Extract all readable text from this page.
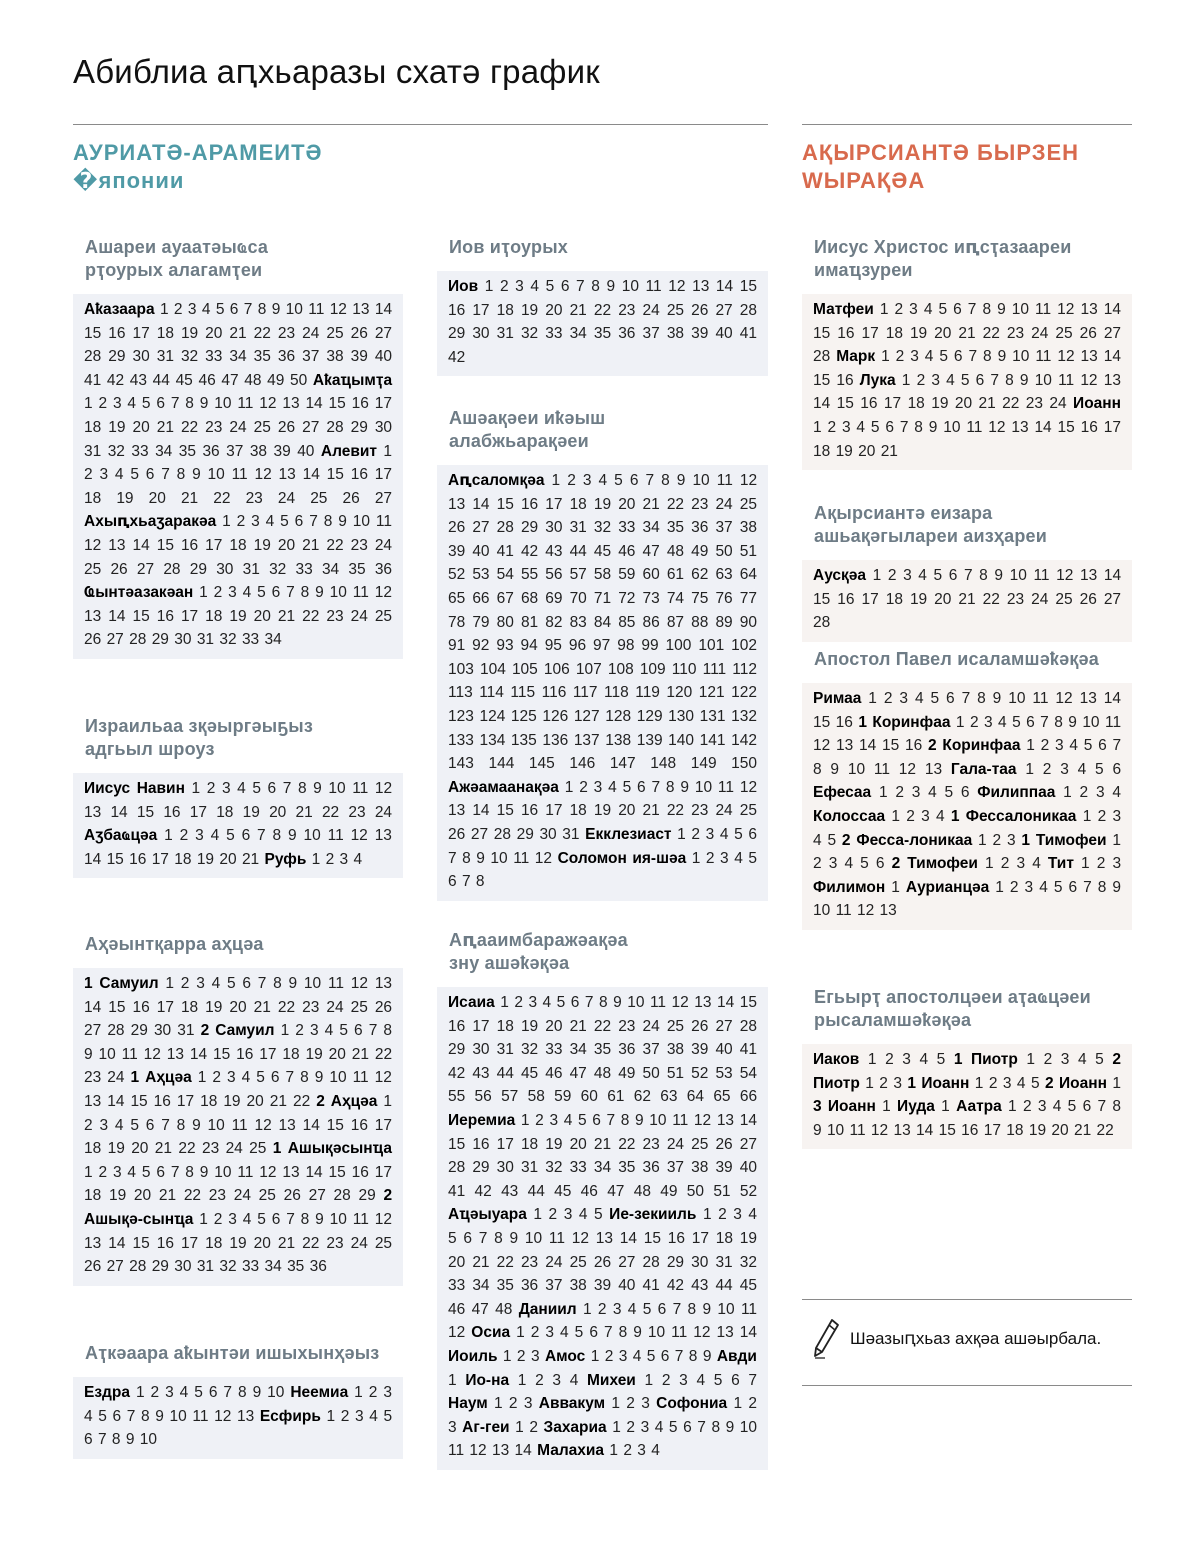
Абиблиа аԥхьаразы схатә график
АУРИАТӘ-АРАМЕИТӘ
�японии
АҚЫРСИАНТӘ БЫРЗЕН
ԜЫРАҚӘА
Ашареи ауаатәыҩса
рҭоурых алагамҭеи
Аҟазаара 1 2 3 4 5 6 7 8 9 10 11 12 13 14 15 16 17 18 19 20 21 22 23 24 25 26 27 28 29 30 31 32 33 34 35 36 37 38 39 40 41 42 43 44 45 46 47 48 49 50 Аҟаҵымҭа 1 2 3 4 5 6 7 8 9 10 11 12 13 14 15 16 17 18 19 20 21 22 23 24 25 26 27 28 29 30 31 32 33 34 35 36 37 38 39 40 Алевит 1 2 3 4 5 6 7 8 9 10 11 12 13 14 15 16 17 18 19 20 21 22 23 24 25 26 27 Ахыԥхьаӡаракәа 1 2 3 4 5 6 7 8 9 10 11 12 13 14 15 16 17 18 19 20 21 22 23 24 25 26 27 28 29 30 31 32 33 34 35 36 Ҩынтәазакәан 1 2 3 4 5 6 7 8 9 10 11 12 13 14 15 16 17 18 19 20 21 22 23 24 25 26 27 28 29 30 31 32 33 34
Израильаа зқәыргәыҕыз
адгьыл шроуз
Иисус Навин 1 2 3 4 5 6 7 8 9 10 11 12 13 14 15 16 17 18 19 20 21 22 23 24 Аӡбаҩцәа 1 2 3 4 5 6 7 8 9 10 11 12 13 14 15 16 17 18 19 20 21 Руфь 1 2 3 4
Аҳәынтқарра аҳцәа
1 Самуил 1 2 3 4 5 6 7 8 9 10 11 12 13 14 15 16 17 18 19 20 21 22 23 24 25 26 27 28 29 30 31 2 Самуил 1 2 3 4 5 6 7 8 9 10 11 12 13 14 15 16 17 18 19 20 21 22 23 24 1 Аҳцәа 1 2 3 4 5 6 7 8 9 10 11 12 13 14 15 16 17 18 19 20 21 22 2 Аҳцәа 1 2 3 4 5 6 7 8 9 10 11 12 13 14 15 16 17 18 19 20 21 22 23 24 25 1 Ашықәсынҵа 1 2 3 4 5 6 7 8 9 10 11 12 13 14 15 16 17 18 19 20 21 22 23 24 25 26 27 28 29 2 Ашықә-сынҵа 1 2 3 4 5 6 7 8 9 10 11 12 13 14 15 16 17 18 19 20 21 22 23 24 25 26 27 28 29 30 31 32 33 34 35 36
Аҭкәаара аҟынтәи ишыхынҳәыз
Ездра 1 2 3 4 5 6 7 8 9 10 Неемиа 1 2 3 4 5 6 7 8 9 10 11 12 13 Есфирь 1 2 3 4 5 6 7 8 9 10
Иов иҭоурых
Иов 1 2 3 4 5 6 7 8 9 10 11 12 13 14 15 16 17 18 19 20 21 22 23 24 25 26 27 28 29 30 31 32 33 34 35 36 37 38 39 40 41 42
Ашәақәеи иҟәыш
алабжьарақәеи
Аԥсаломқәа 1 2 3 4 5 6 7 8 9 10 11 12 13 14 15 16 17 18 19 20 21 22 23 24 25 26 27 28 29 30 31 32 33 34 35 36 37 38 39 40 41 42 43 44 45 46 47 48 49 50 51 52 53 54 55 56 57 58 59 60 61 62 63 64 65 66 67 68 69 70 71 72 73 74 75 76 77 78 79 80 81 82 83 84 85 86 87 88 89 90 91 92 93 94 95 96 97 98 99 100 101 102 103 104 105 106 107 108 109 110 111 112 113 114 115 116 117 118 119 120 121 122 123 124 125 126 127 128 129 130 131 132 133 134 135 136 137 138 139 140 141 142 143 144 145 146 147 148 149 150 Ажәамаанақәа 1 2 3 4 5 6 7 8 9 10 11 12 13 14 15 16 17 18 19 20 21 22 23 24 25 26 27 28 29 30 31 Екклезиаст 1 2 3 4 5 6 7 8 9 10 11 12 Соломон ия-шәа 1 2 3 4 5 6 7 8
Аԥааимбаражәақәа
зну ашәҟәқәа
Исаиа 1 2 3 4 5 6 7 8 9 10 11 12 13 14 15 16 17 18 19 20 21 22 23 24 25 26 27 28 29 30 31 32 33 34 35 36 37 38 39 40 41 42 43 44 45 46 47 48 49 50 51 52 53 54 55 56 57 58 59 60 61 62 63 64 65 66 Иеремиа 1 2 3 4 5 6 7 8 9 10 11 12 13 14 15 16 17 18 19 20 21 22 23 24 25 26 27 28 29 30 31 32 33 34 35 36 37 38 39 40 41 42 43 44 45 46 47 48 49 50 51 52 Аҵәыуара 1 2 3 4 5 Ие-зекииль 1 2 3 4 5 6 7 8 9 10 11 12 13 14 15 16 17 18 19 20 21 22 23 24 25 26 27 28 29 30 31 32 33 34 35 36 37 38 39 40 41 42 43 44 45 46 47 48 Даниил 1 2 3 4 5 6 7 8 9 10 11 12 Осиа 1 2 3 4 5 6 7 8 9 10 11 12 13 14 Иоиль 1 2 3 Амос 1 2 3 4 5 6 7 8 9 Авди 1 Ио-на 1 2 3 4 Михеи 1 2 3 4 5 6 7 Наум 1 2 3 Аввакум 1 2 3 Софониа 1 2 3 Аг-геи 1 2 Захариа 1 2 3 4 5 6 7 8 9 10 11 12 13 14 Малахиа 1 2 3 4
Иисус Христос иԥсҭазаареи
имаҵзуреи
Матфеи 1 2 3 4 5 6 7 8 9 10 11 12 13 14 15 16 17 18 19 20 21 22 23 24 25 26 27 28 Марк 1 2 3 4 5 6 7 8 9 10 11 12 13 14 15 16 Лука 1 2 3 4 5 6 7 8 9 10 11 12 13 14 15 16 17 18 19 20 21 22 23 24 Иоанн 1 2 3 4 5 6 7 8 9 10 11 12 13 14 15 16 17 18 19 20 21
Ақырсиантә еизара
ашьақәгылареи аизҳареи
Аусқәа 1 2 3 4 5 6 7 8 9 10 11 12 13 14 15 16 17 18 19 20 21 22 23 24 25 26 27 28
Апостол Павел исаламшәҟәқәа
Римаа 1 2 3 4 5 6 7 8 9 10 11 12 13 14 15 16 1 Коринфаа 1 2 3 4 5 6 7 8 9 10 11 12 13 14 15 16 2 Коринфаа 1 2 3 4 5 6 7 8 9 10 11 12 13 Гала-таа 1 2 3 4 5 6 Ефесаа 1 2 3 4 5 6 Филиппаа 1 2 3 4 Колоссаа 1 2 3 4 1 Фессалоникаа 1 2 3 4 5 2 Фесса-лоникаа 1 2 3 1 Тимофеи 1 2 3 4 5 6 2 Тимофеи 1 2 3 4 Тит 1 2 3 Филимон 1 Аурианцәа 1 2 3 4 5 6 7 8 9 10 11 12 13
Егьырҭ апостолцәеи аҭаҩцәеи
рысаламшәҟәқәа
Иаков 1 2 3 4 5 1 Пиотр 1 2 3 4 5 2 Пиотр 1 2 3 1 Иоанн 1 2 3 4 5 2 Иоанн 1 3 Иоанн 1 Иуда 1 Аатра 1 2 3 4 5 6 7 8 9 10 11 12 13 14 15 16 17 18 19 20 21 22
Шәазыԥхьаз ахқәа ашәырбала.
